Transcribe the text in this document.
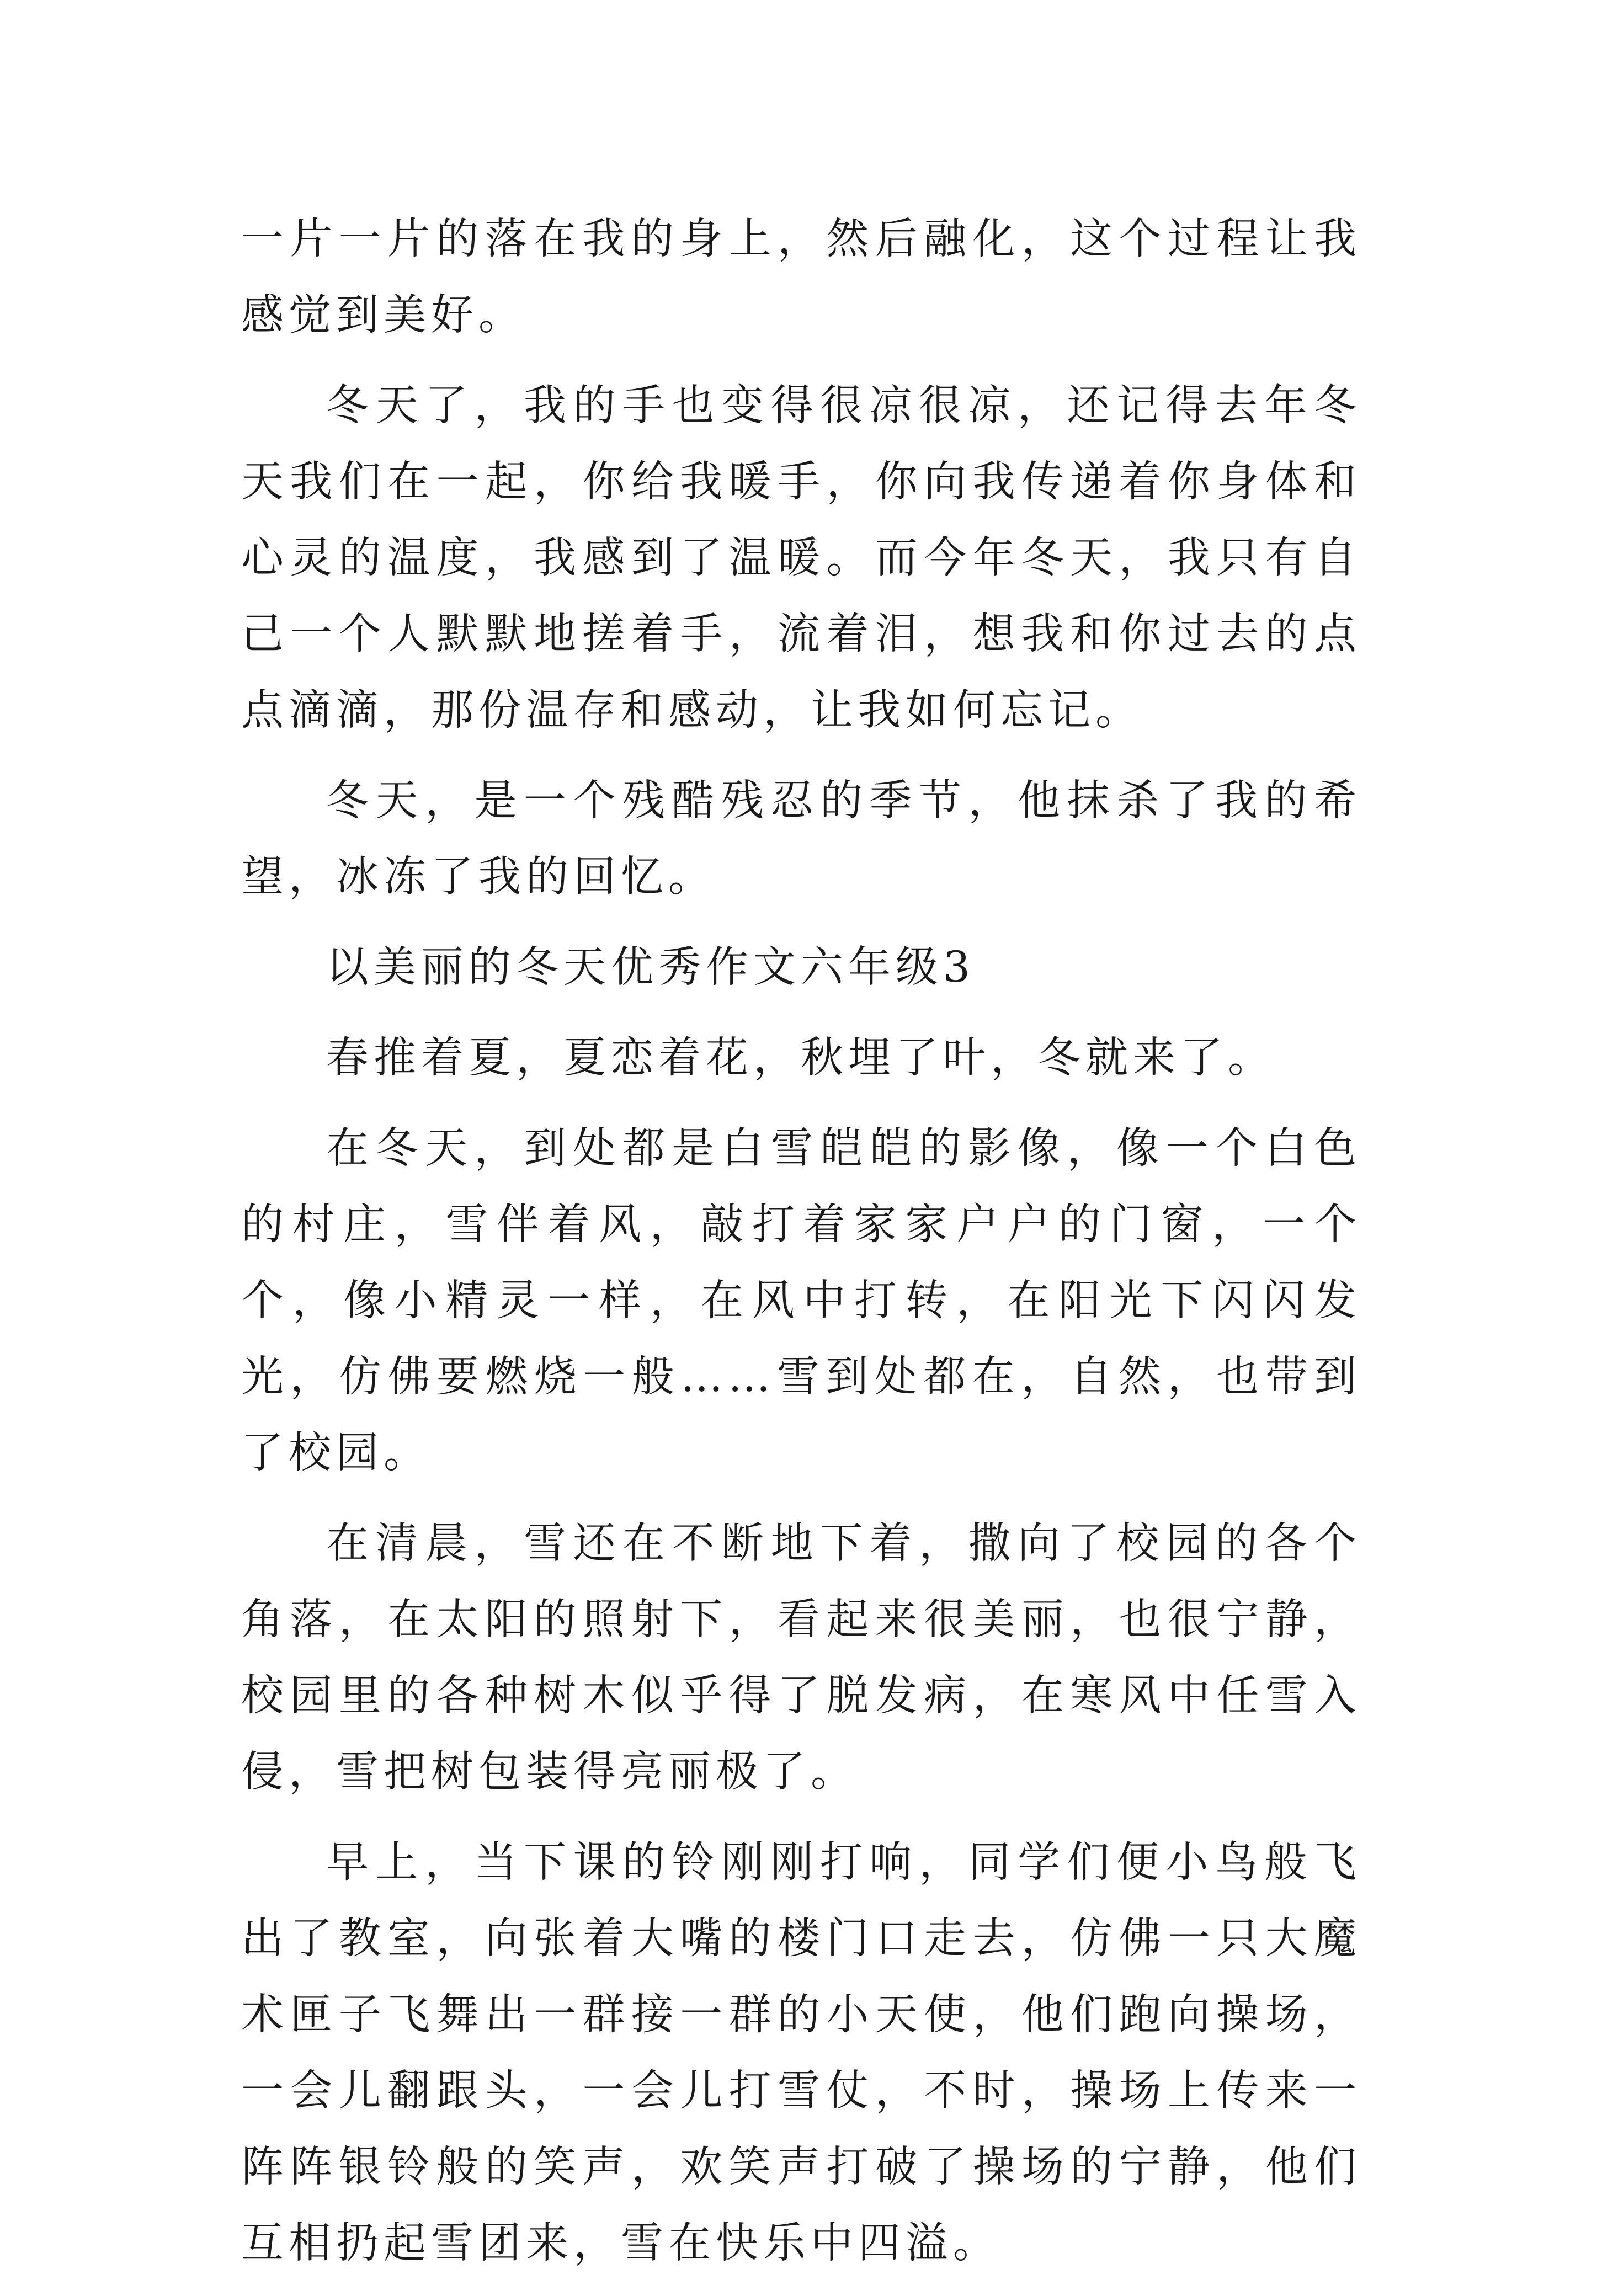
一片一片的落在我的身上，然后融化，这个过程让我感觉到美好。

冬天了，我的手也变得很凉很凉，还记得去年冬天我们在一起，你给我暖手，你向我传递着你身体和心灵的温度，我感到了温暖。而今年冬天，我只有自己一个人默默地搓着手，流着泪，想我和你过去的点点滴滴，那份温存和感动，让我如何忘记。

冬天，是一个残酷残忍的季节，他抹杀了我的希望，冰冻了我的回忆。

以美丽的冬天优秀作文六年级3

春推着夏，夏恋着花，秋埋了叶，冬就来了。

在冬天，到处都是白雪皑皑的影像，像一个白色的村庄，雪伴着风，敲打着家家户户的门窗，一个个，像小精灵一样，在风中打转，在阳光下闪闪发光，仿佛要燃烧一般……雪到处都在，自然，也带到了校园。

在清晨，雪还在不断地下着，撒向了校园的各个角落，在太阳的照射下，看起来很美丽，也很宁静，校园里的各种树木似乎得了脱发病，在寒风中任雪入侵，雪把树包装得亮丽极了。

早上，当下课的铃刚刚打响，同学们便小鸟般飞出了教室，向张着大嘴的楼门口走去，仿佛一只大魔术匣子飞舞出一群接一群的小天使，他们跑向操场，一会儿翻跟头，一会儿打雪仗，不时，操场上传来一阵阵银铃般的笑声，欢笑声打破了操场的宁静，他们互相扔起雪团来，雪在快乐中四溢。
